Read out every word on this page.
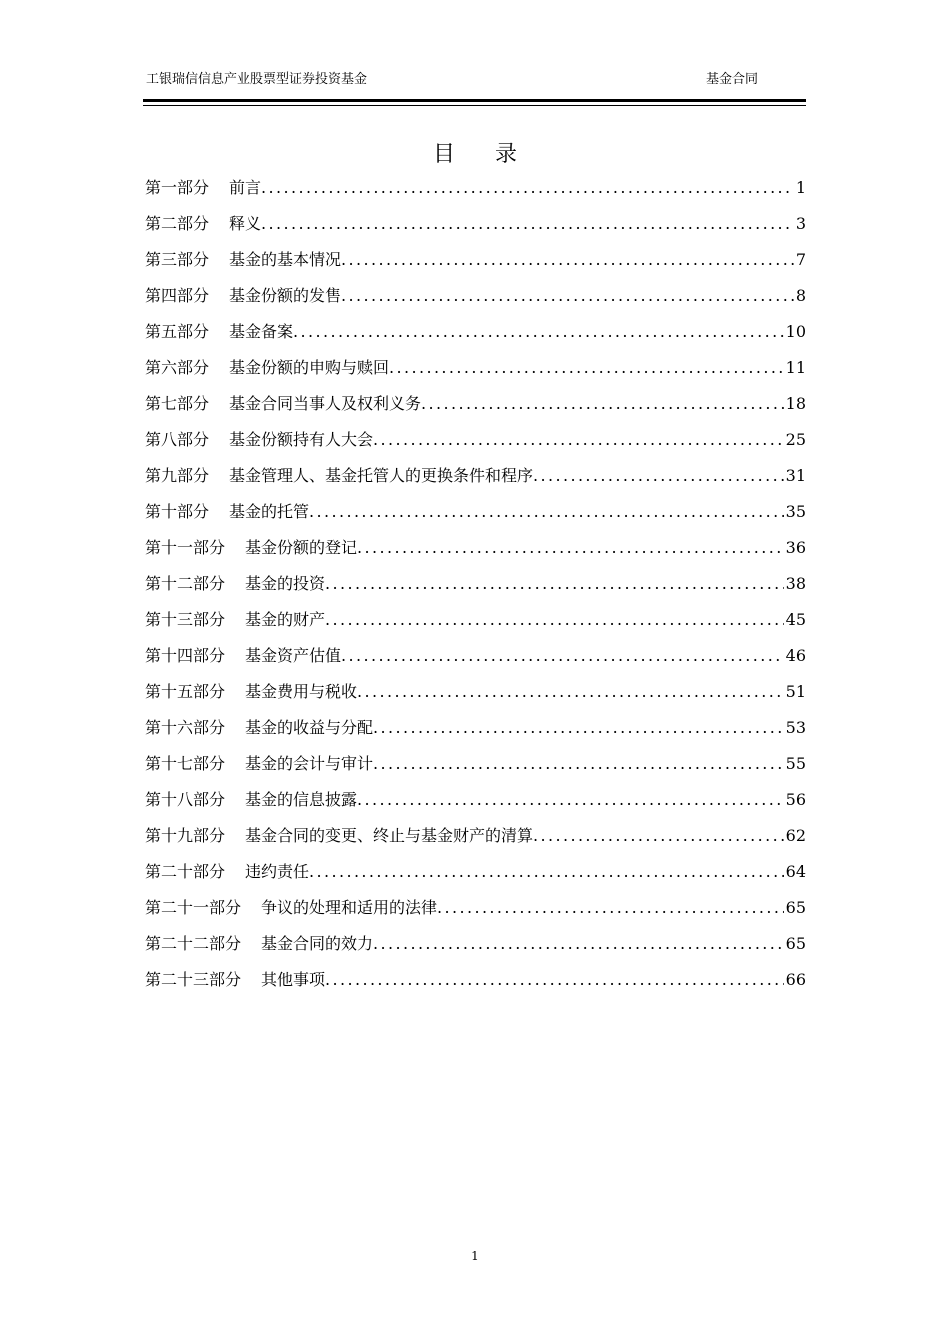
工银瑞信信息产业股票型证券投资基金	基金合同
目录
第一部分 前言 .....	1
第二部分 释义 .....	3
第三部分 基金的基本情况 .....	7
第四部分 基金份额的发售 .....	8
第五部分 基金备案 .....	10
第六部分 基金份额的申购与赎回 .....	11
第七部分 基金合同当事人及权利义务 .....	18
第八部分 基金份额持有人大会 .....	25
第九部分 基金管理人、基金托管人的更换条件和程序 .....	31
第十部分 基金的托管 .....	35
第十一部分 基金份额的登记 .....	36
第十二部分 基金的投资 .....	38
第十三部分 基金的财产 .....	45
第十四部分 基金资产估值 .....	46
第十五部分 基金费用与税收 .....	51
第十六部分 基金的收益与分配 .....	53
第十七部分 基金的会计与审计 .....	55
第十八部分 基金的信息披露 .....	56
第十九部分 基金合同的变更、终止与基金财产的清算 .....	62
第二十部分 违约责任 .....	64
第二十一部分 争议的处理和适用的法律 .....	65
第二十二部分 基金合同的效力 .....	65
第二十三部分 其他事项 .....	66
1
